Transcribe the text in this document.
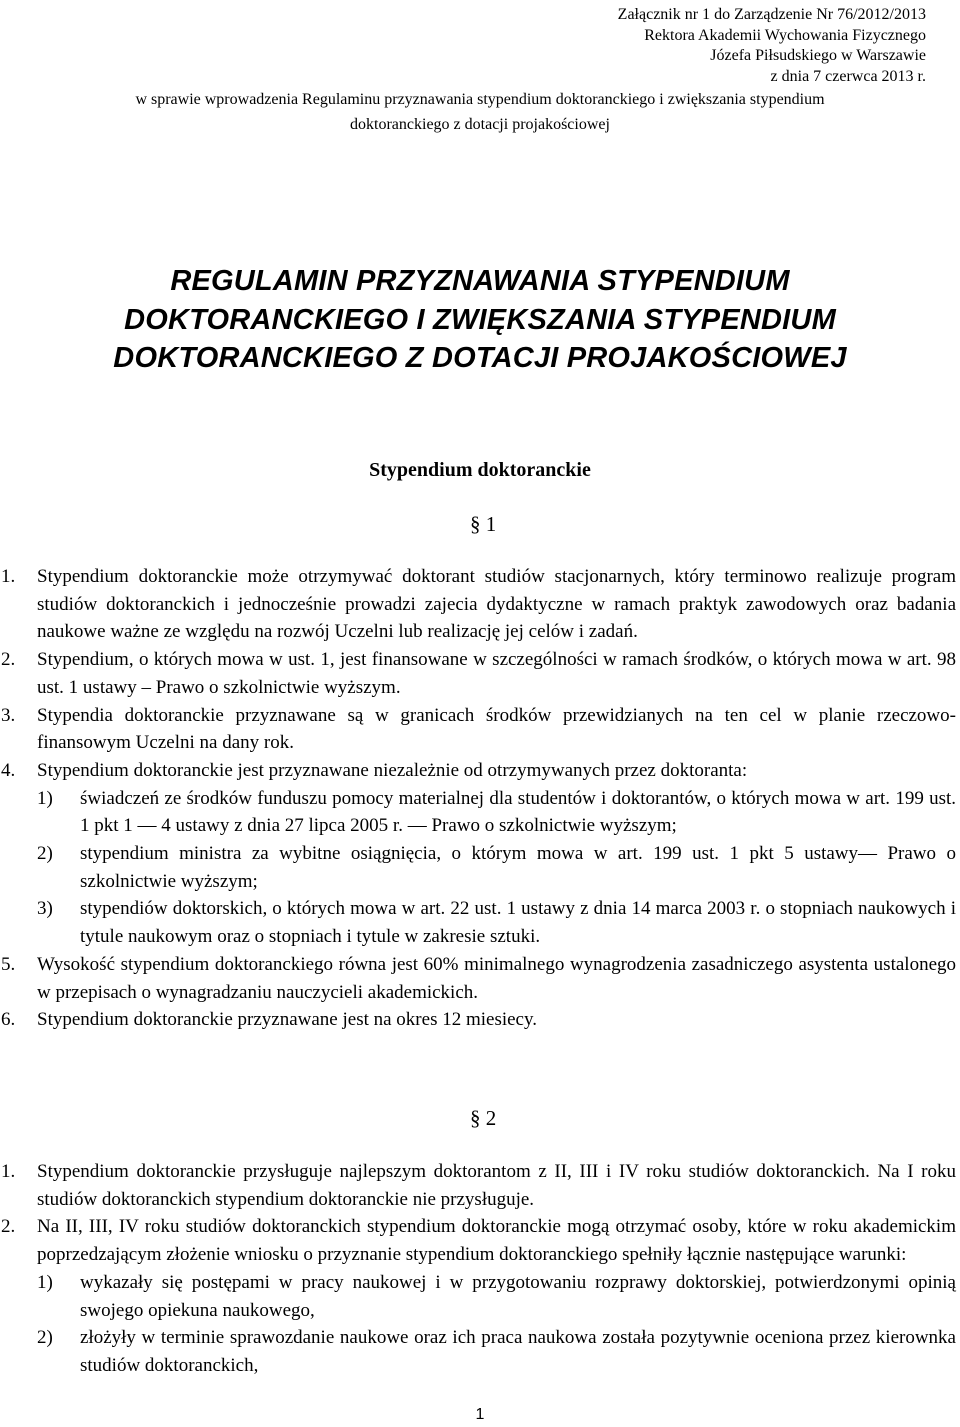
Załącznik nr 1 do Zarządzenie Nr 76/2012/2013
Rektora Akademii Wychowania Fizycznego
Józefa Piłsudskiego w Warszawie
z dnia 7 czerwca 2013 r.
w sprawie wprowadzenia Regulaminu przyznawania stypendium doktoranckiego i zwiększania stypendium
doktoranckiego z dotacji projakościowej
REGULAMIN PRZYZNAWANIA STYPENDIUM
DOKTORANCKIEGO I ZWIĘKSZANIA STYPENDIUM
DOKTORANCKIEGO Z DOTACJI PROJAKOŚCIOWEJ
Stypendium doktoranckie
§ 1
1. Stypendium doktoranckie może otrzymywać doktorant studiów stacjonarnych, który terminowo realizuje program studiów doktoranckich i jednocześnie prowadzi zajecia dydaktyczne w ramach praktyk zawodowych oraz badania naukowe ważne ze względu na rozwój Uczelni lub realizację jej celów i zadań.
2. Stypendium, o których mowa w ust. 1, jest finansowane w szczególności w ramach środków, o których mowa w art. 98 ust. 1 ustawy – Prawo o szkolnictwie wyższym.
3. Stypendia doktoranckie przyznawane są w granicach środków przewidzianych na ten cel w planie rzeczowo-finansowym Uczelni na dany rok.
4. Stypendium doktoranckie jest przyznawane niezależnie od otrzymywanych przez doktoranta:
1) świadczeń ze środków funduszu pomocy materialnej dla studentów i doktorantów, o których mowa w art. 199 ust. 1 pkt 1 — 4 ustawy z dnia 27 lipca 2005 r. — Prawo o szkolnictwie wyższym;
2) stypendium ministra za wybitne osiągnięcia, o którym mowa w art. 199 ust. 1 pkt 5 ustawy— Prawo o szkolnictwie wyższym;
3) stypendiów doktorskich, o których mowa w art. 22 ust. 1 ustawy z dnia 14 marca 2003 r. o stopniach naukowych i tytule naukowym oraz o stopniach i tytule w zakresie sztuki.
5. Wysokość stypendium doktoranckiego równa jest 60% minimalnego wynagrodzenia zasadniczego asystenta ustalonego w przepisach o wynagradzaniu nauczycieli akademickich.
6. Stypendium doktoranckie przyznawane jest na okres 12 miesiecy.
§ 2
1. Stypendium doktoranckie przysługuje najlepszym doktorantom z II, III i IV roku studiów doktoranckich. Na I roku studiów doktoranckich stypendium doktoranckie nie przysługuje.
2. Na II, III, IV roku studiów doktoranckich stypendium doktoranckie mogą otrzymać osoby, które w roku akademickim poprzedzającym złożenie wniosku o przyznanie stypendium doktoranckiego spełniły łącznie następujące warunki:
1) wykazały się postępami w pracy naukowej i w przygotowaniu rozprawy doktorskiej, potwierdzonymi opinią swojego opiekuna naukowego,
2) złożyły w terminie sprawozdanie naukowe oraz ich praca naukowa została pozytywnie oceniona przez kierownka studiów doktoranckich,
1
